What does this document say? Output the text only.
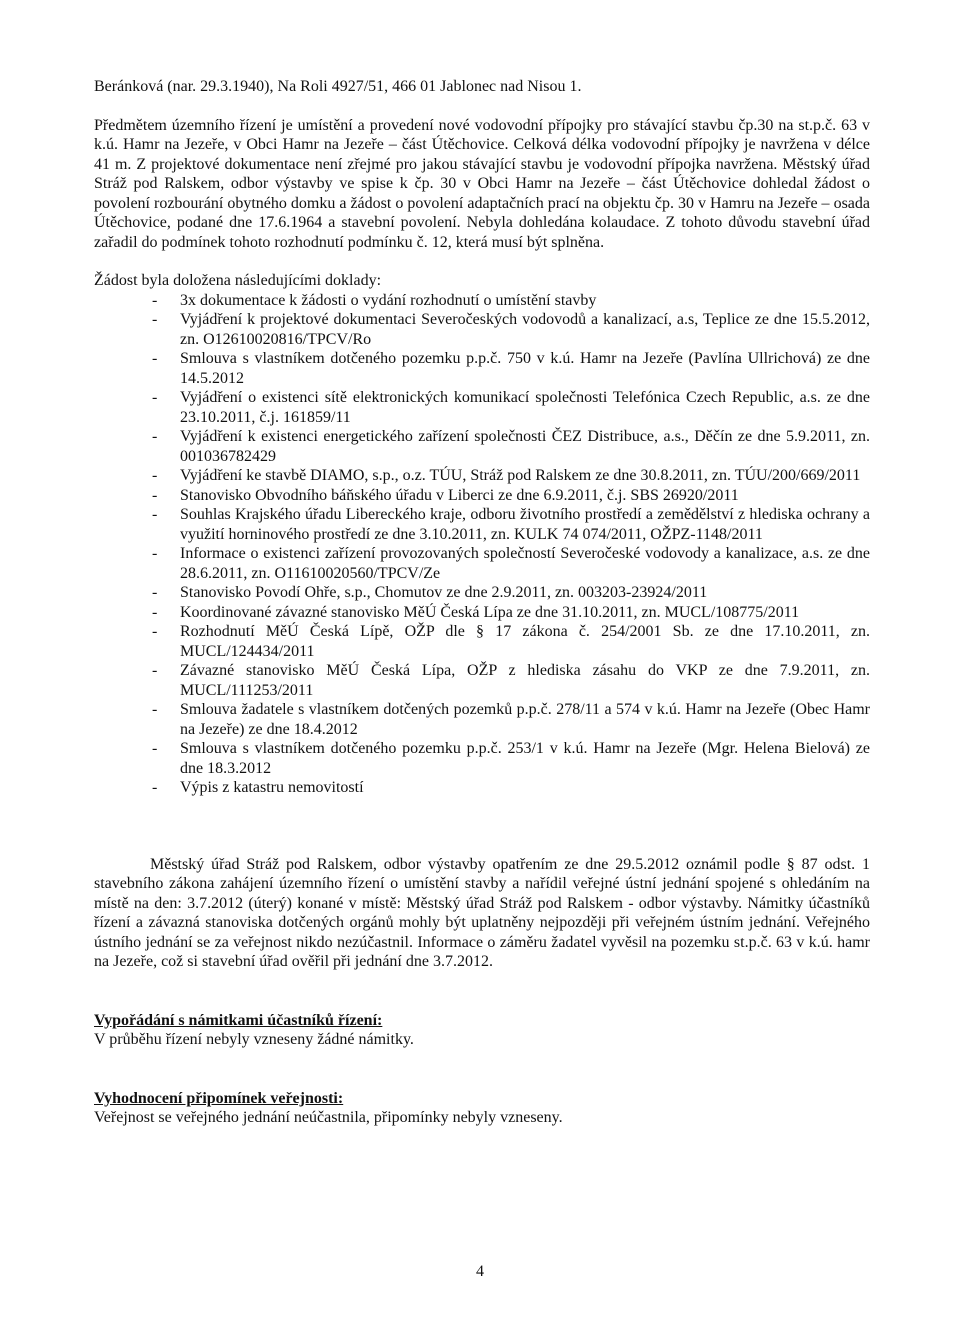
Beránková (nar. 29.3.1940), Na Roli 4927/51, 466 01 Jablonec nad Nisou 1.

Předmětem územního řízení je umístění a provedení nové vodovodní přípojky pro stávající stavbu čp.30 na st.p.č. 63 v k.ú. Hamr na Jezeře, v Obci Hamr na Jezeře – část Útěchovice. Celková délka vodovodní přípojky je navržena v délce 41 m. Z projektové dokumentace není zřejmé pro jakou stávající stavbu je vodovodní přípojka navržena. Městský úřad Stráž pod Ralskem, odbor výstavby ve spise k čp. 30 v Obci Hamr na Jezeře – část Útěchovice dohledal žádost o povolení rozbourání obytného domku a žádost o povolení adaptačních prací na objektu čp. 30 v Hamru na Jezeře – osada Útěchovice, podané dne 17.6.1964 a stavební povolení. Nebyla dohledána kolaudace. Z tohoto důvodu stavební úřad zařadil do podmínek tohoto rozhodnutí podmínku č. 12, která musí být splněna.

Žádost byla doložena následujícími doklady:

- 3x dokumentace k žádosti o vydání rozhodnutí o umístění stavby
- Vyjádření k projektové dokumentaci Severočeských vodovodů a kanalizací, a.s, Teplice ze dne 15.5.2012, zn. O12610020816/TPCV/Ro
- Smlouva s vlastníkem dotčeného pozemku p.p.č. 750 v k.ú. Hamr na Jezeře (Pavlína Ullrichová) ze dne 14.5.2012
- Vyjádření o existenci sítě elektronických komunikací společnosti Telefónica Czech Republic, a.s. ze dne 23.10.2011, č.j. 161859/11
- Vyjádření k existenci energetického zařízení společnosti ČEZ Distribuce, a.s., Děčín ze dne 5.9.2011, zn. 001036782429
- Vyjádření ke stavbě DIAMO, s.p., o.z. TÚU, Stráž pod Ralskem ze dne 30.8.2011, zn. TÚU/200/669/2011
- Stanovisko Obvodního báňského úřadu v Liberci ze dne 6.9.2011, č.j. SBS 26920/2011
- Souhlas Krajského úřadu Libereckého kraje, odboru životního prostředí a zemědělství z hlediska ochrany a využití horninového prostředí ze dne 3.10.2011, zn. KULK 74 074/2011, OŽPZ-1148/2011
- Informace o existenci zařízení provozovaných společností Severočeské vodovody a kanalizace, a.s. ze dne 28.6.2011, zn. O11610020560/TPCV/Ze
- Stanovisko Povodí Ohře, s.p., Chomutov ze dne 2.9.2011, zn. 003203-23924/2011
- Koordinované závazné stanovisko MěÚ Česká Lípa ze dne 31.10.2011, zn. MUCL/108775/2011
- Rozhodnutí MěÚ Česká Lípě, OŽP dle § 17 zákona č. 254/2001 Sb. ze dne 17.10.2011, zn. MUCL/124434/2011
- Závazné stanovisko MěÚ Česká Lípa, OŽP z hlediska zásahu do VKP ze dne 7.9.2011, zn. MUCL/111253/2011
- Smlouva žadatele s vlastníkem dotčených pozemků p.p.č. 278/11 a 574 v k.ú. Hamr na Jezeře (Obec Hamr na Jezeře) ze dne 18.4.2012
- Smlouva s vlastníkem dotčeného pozemku p.p.č. 253/1 v k.ú. Hamr na Jezeře (Mgr. Helena Bielová) ze dne 18.3.2012
- Výpis z katastru nemovitostí

Městský úřad Stráž pod Ralskem, odbor výstavby opatřením ze dne 29.5.2012 oznámil podle § 87 odst. 1 stavebního zákona zahájení územního řízení o umístění stavby a nařídil veřejné ústní jednání spojené s ohledáním na místě na den: 3.7.2012 (úterý) konané v místě: Městský úřad Stráž pod Ralskem - odbor výstavby. Námitky účastníků řízení a závazná stanoviska dotčených orgánů mohly být uplatněny nejpozději při veřejném ústním jednání. Veřejného ústního jednání se za veřejnost nikdo nezúčastnil. Informace o záměru žadatel vyvěsil na pozemku st.p.č. 63 v k.ú. hamr na Jezeře, což si stavební úřad ověřil při jednání dne 3.7.2012.

Vypořádání s námitkami účastníků řízení:
V průběhu řízení nebyly vzneseny žádné námitky.
Vyhodnocení připomínek veřejnosti:
Veřejnost se veřejného jednání neúčastnila, připomínky nebyly vzneseny.
4
